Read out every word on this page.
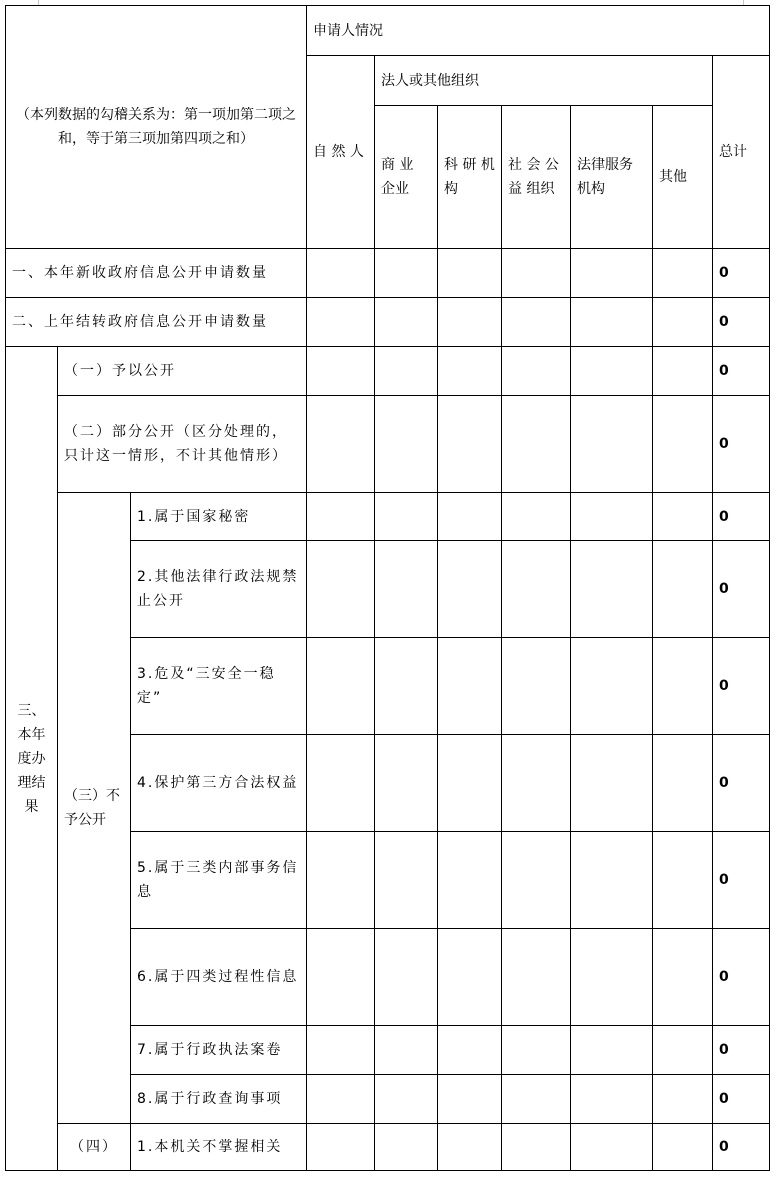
（本列数据的勾稽关系为：第一项加第二项之和，等于第三项加第四项之和）			申请人情况						
			自 然 人	法人或其他组织					总计
				商 业 企业	科 研 机构	社 会 公 益 组织	法律服务机构	其他	
一、本年新收政府信息公开申请数量									0
二、上年结转政府信息公开申请数量									0
三、本年度办理结果	（一）予以公开								0
	（二）部分公开（区分处理的，只计这一情形，不计其他情形）								0
	（三）不予公开	1.属于国家秘密							0
		2.其他法律行政法规禁止公开							0
		3.危及“三安全一稳定”							0
		4.保护第三方合法权益							0
		5.属于三类内部事务信息							0
		6.属于四类过程性信息							0
		7.属于行政执法案卷							0
		8.属于行政查询事项							0
	（四）	1.本机关不掌握相关							0
